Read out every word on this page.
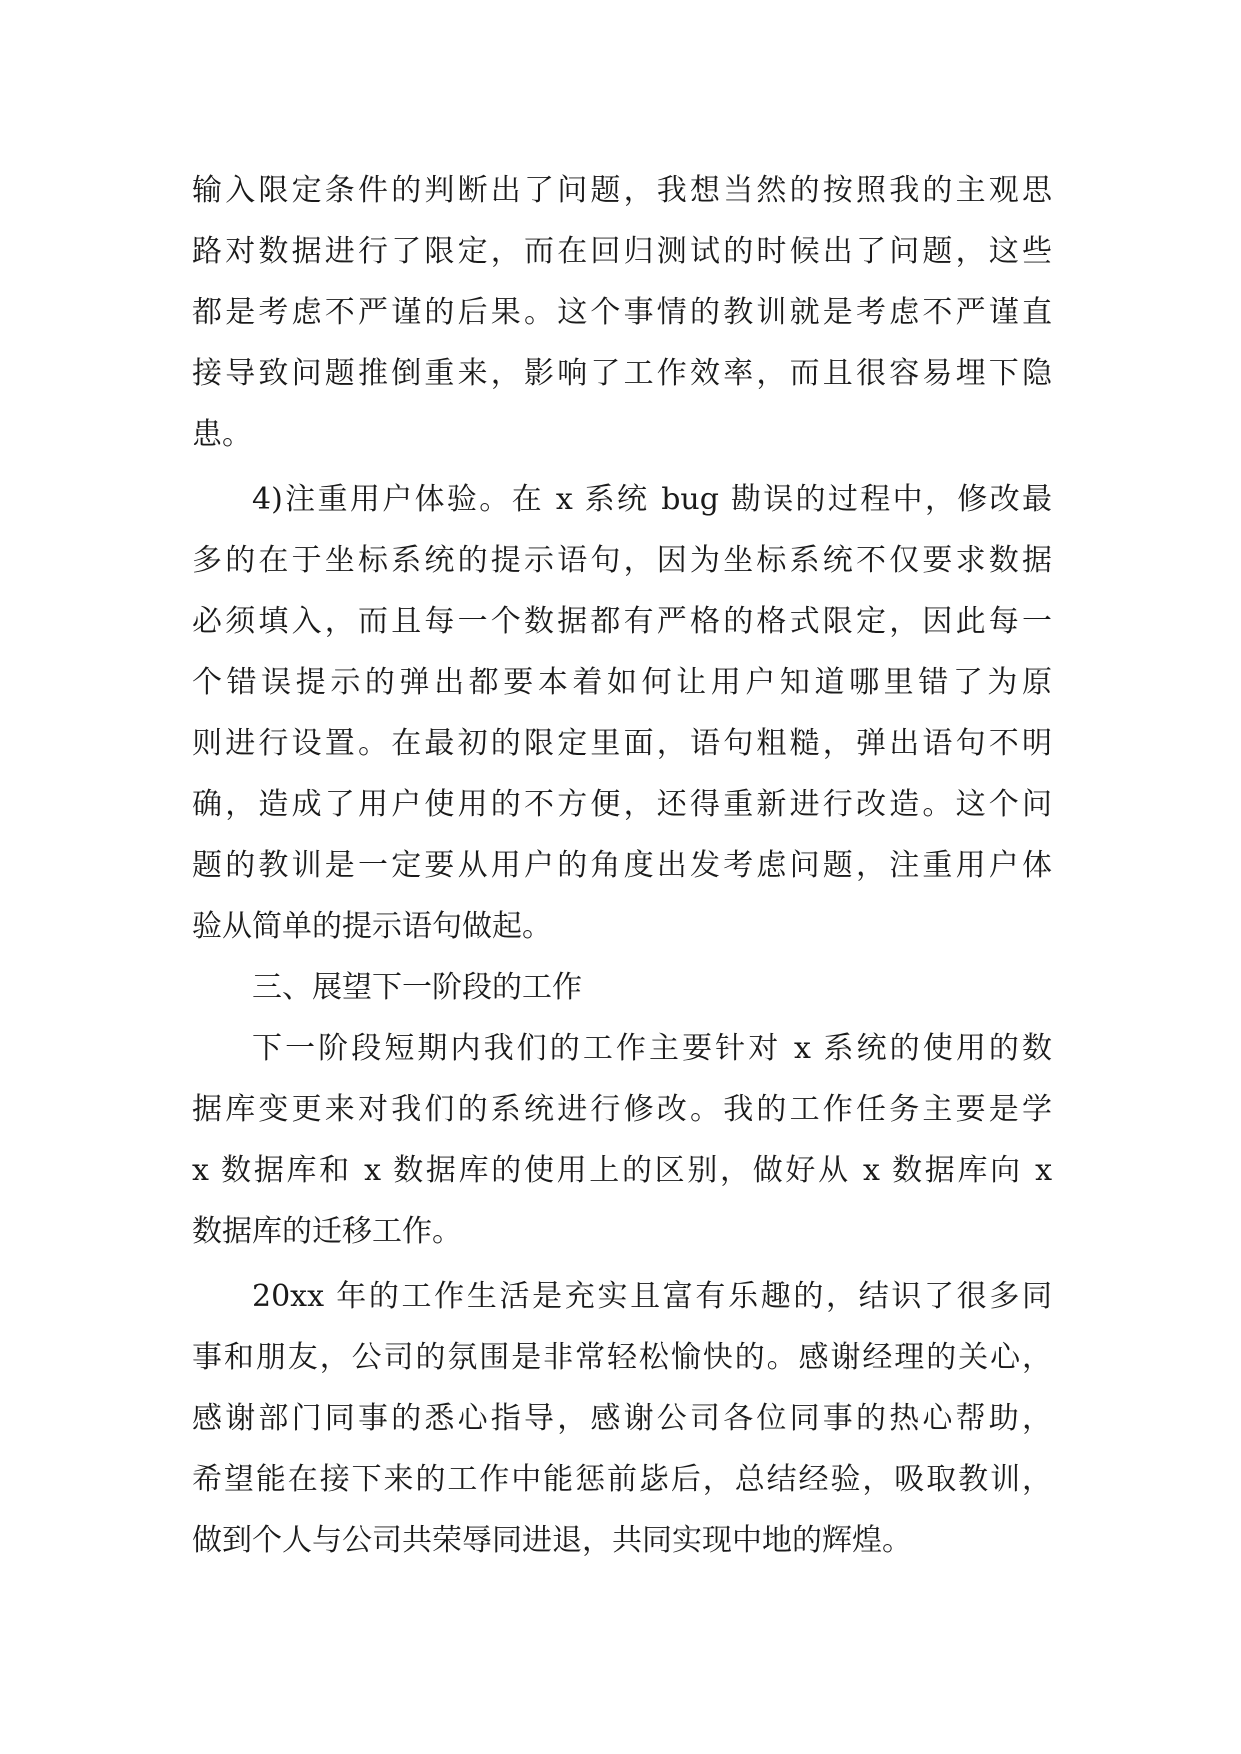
输入限定条件的判断出了问题，我想当然的按照我的主观思
路对数据进行了限定，而在回归测试的时候出了问题，这些
都是考虑不严谨的后果。这个事情的教训就是考虑不严谨直
接导致问题推倒重来，影响了工作效率，而且很容易埋下隐
患。
4)注重用户体验。在 x 系统 bug 勘误的过程中，修改最
多的在于坐标系统的提示语句，因为坐标系统不仅要求数据
必须填入，而且每一个数据都有严格的格式限定，因此每一
个错误提示的弹出都要本着如何让用户知道哪里错了为原
则进行设置。在最初的限定里面，语句粗糙，弹出语句不明
确，造成了用户使用的不方便，还得重新进行改造。这个问
题的教训是一定要从用户的角度出发考虑问题，注重用户体
验从简单的提示语句做起。
三、展望下一阶段的工作
下一阶段短期内我们的工作主要针对 x 系统的使用的数
据库变更来对我们的系统进行修改。我的工作任务主要是学
x 数据库和 x 数据库的使用上的区别，做好从 x 数据库向 x
数据库的迁移工作。
20xx 年的工作生活是充实且富有乐趣的，结识了很多同
事和朋友，公司的氛围是非常轻松愉快的。感谢经理的关心，
感谢部门同事的悉心指导，感谢公司各位同事的热心帮助，
希望能在接下来的工作中能惩前毖后，总结经验，吸取教训，
做到个人与公司共荣辱同进退，共同实现中地的辉煌。
